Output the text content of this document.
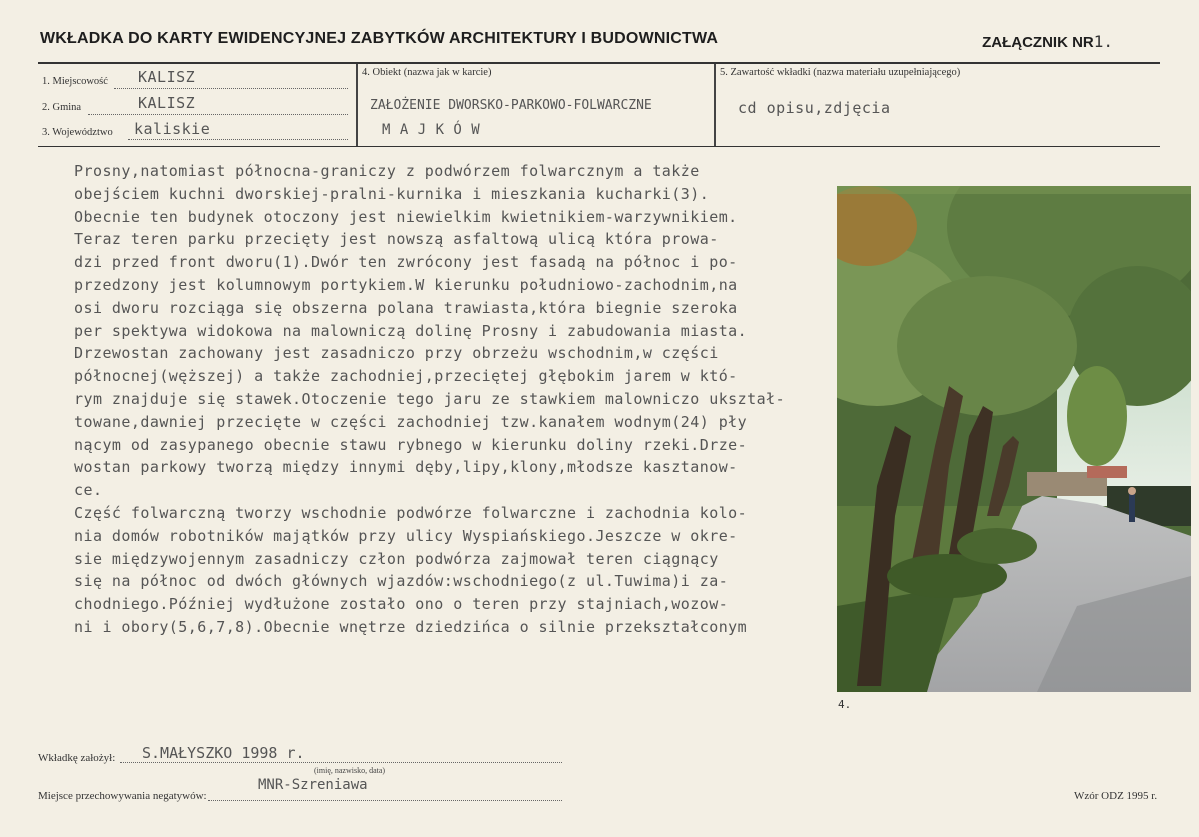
WKŁADKA DO KARTY EWIDENCYJNEJ ZABYTKÓW ARCHITEKTURY I BUDOWNICTWA	ZAŁĄCZNIK NR1.
1. Miejscowość KALISZ
2. Gmina	KALISZ
3. Województwo kaliskie
4. Obiekt (nazwa jak w karcie)
ZAŁOŻENIE DWORSKO-PARKOWO-FOLWARCZNE
M A J K Ó W
5. Zawartość wkładki (nazwa materiału uzupełniającego)
cd opisu,zdjęcia
Prosny,natomiast północna-graniczy z podwórzem folwarcznym a także
obejściem kuchni dworskiej-pralni-kurnika i mieszkania kucharki(3).
Obecnie ten budynek otoczony jest niewielkim kwietnikiem-warzywnikiem.
Teraz teren parku przecięty jest nowszą asfaltową ulicą która prowa-
dzi przed front dworu(1).Dwór ten zwrócony jest fasadą na północ i po-
przedzony jest kolumnowym portykiem.W kierunku południowo-zachodnim,na
osi dworu rozciąga się obszerna polana trawiasta,która biegnie szeroka
per spektywa widokowa na malowniczą dolinę Prosny i zabudowania miasta.
Drzewostan zachowany jest zasadniczo przy obrzeżu wschodnim,w części
północnej(węższej) a także zachodniej,przeciętej głębokim jarem w któ-
rym znajduje się stawek.Otoczenie tego jaru ze stawkiem malowniczo ukształ-
towane,dawniej przecięte w części zachodniej tzw.kanałem wodnym(24) pły
nącym od zasypanego obecnie stawu rybnego w kierunku doliny rzeki.Drze-
wostan parkowy tworzą między innymi dęby,lipy,klony,młodsze kasztanow-
ce.
Część folwarczną tworzy wschodnie podwórze folwarczne i zachodnia kolo-
nia domów robotników majątków przy ulicy Wyspiańskiego.Jeszcze w okre-
sie międzywojennym zasadniczy człon podwórza zajmował teren ciągnący
się na północ od dwóch głównych wjazdów:wschodniego(z ul.Tuwima)i za-
chodniego.Później wydłużone zostało ono o teren przy stajniach,wozow-
ni i obory(5,6,7,8).Obecnie wnętrze dziedzińca o silnie przekształconym
4.
Wkładkę założył: S.MAŁYSZKO 1998 r.
(imię, nazwisko, data)
Miejsce przechowywania negatywów:
MNR-Szreniawa
Wzór ODZ 1995 r.
